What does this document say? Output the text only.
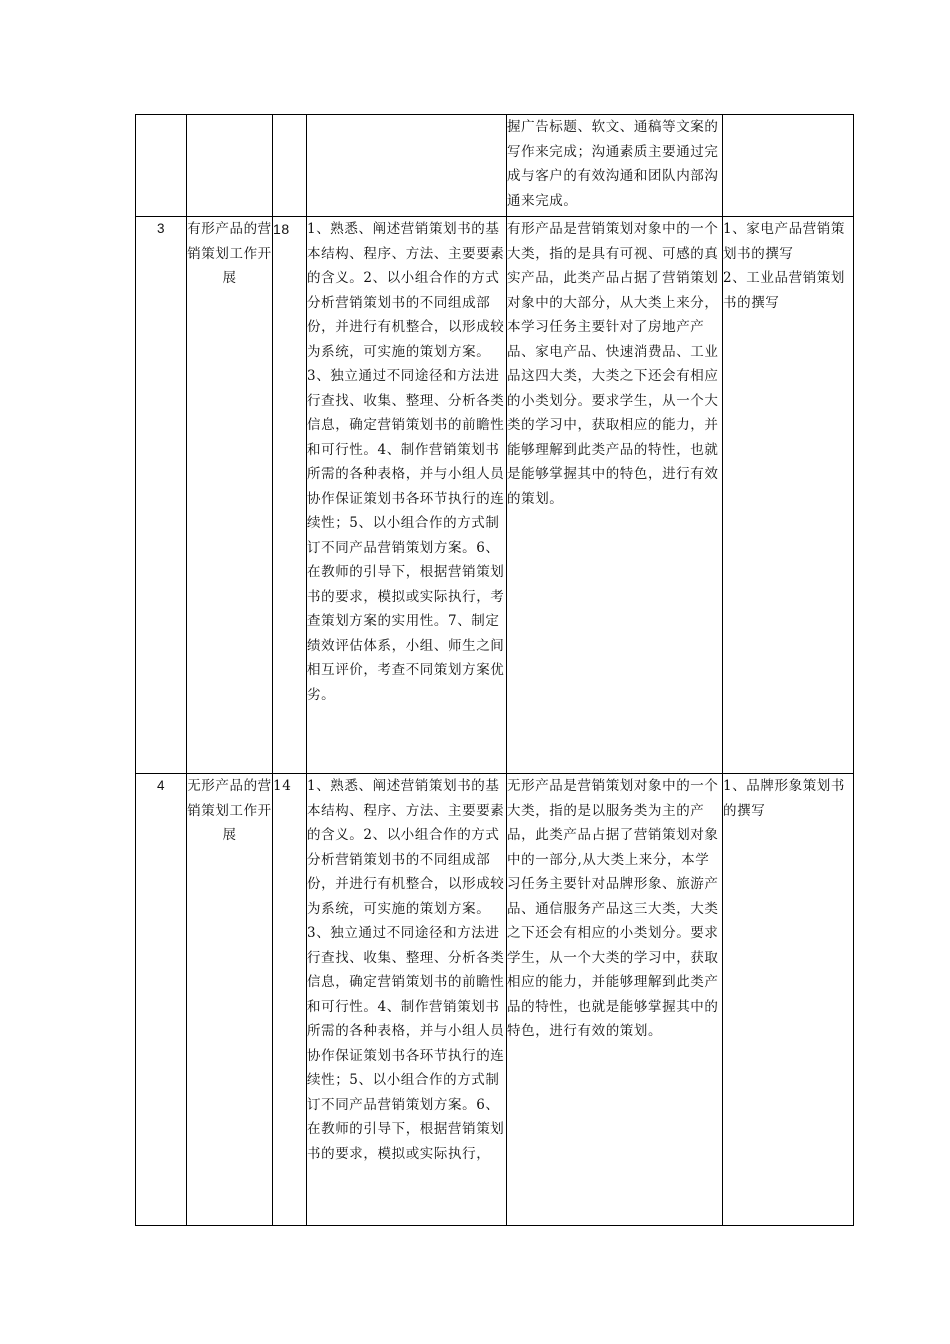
				握广告标题、软文、通稿等文案的写作来完成；沟通素质主要通过完成与客户的有效沟通和团队内部沟通来完成。	

3	有形产品的营销策划工作开展	18	1、熟悉、阐述营销策划书的基本结构、程序、方法、主要要素的含义。2、以小组合作的方式分析营销策划书的不同组成部份，并进行有机整合，以形成较为系统，可实施的策划方案。3、独立通过不同途径和方法进行查找、收集、整理、分析各类信息，确定营销策划书的前瞻性和可行性。4、制作营销策划书所需的各种表格，并与小组人员协作保证策划书各环节执行的连续性；5、以小组合作的方式制订不同产品营销策划方案。6、在教师的引导下，根据营销策划书的要求，模拟或实际执行，考查策划方案的实用性。7、制定绩效评估体系，小组、师生之间相互评价，考查不同策划方案优劣。	有形产品是营销策划对象中的一个大类，指的是具有可视、可感的真实产品，此类产品占据了营销策划对象中的大部分，从大类上来分，本学习任务主要针对了房地产产品、家电产品、快速消费品、工业品这四大类，大类之下还会有相应的小类划分。要求学生，从一个大类的学习中，获取相应的能力，并能够理解到此类产品的特性，也就是能够掌握其中的特色，进行有效的策划。	1、家电产品营销策划书的撰写
2、工业品营销策划书的撰写

4	无形产品的营销策划工作开展	14	1、熟悉、阐述营销策划书的基本结构、程序、方法、主要要素的含义。2、以小组合作的方式分析营销策划书的不同组成部份，并进行有机整合，以形成较为系统，可实施的策划方案。3、独立通过不同途径和方法进行查找、收集、整理、分析各类信息，确定营销策划书的前瞻性和可行性。4、制作营销策划书所需的各种表格，并与小组人员协作保证策划书各环节执行的连续性；5、以小组合作的方式制订不同产品营销策划方案。6、在教师的引导下，根据营销策划书的要求，模拟或实际执行，	无形产品是营销策划对象中的一个大类，指的是以服务类为主的产品，此类产品占据了营销策划对象中的一部分,从大类上来分，本学习任务主要针对品牌形象、旅游产品、通信服务产品这三大类，大类之下还会有相应的小类划分。要求学生，从一个大类的学习中，获取相应的能力，并能够理解到此类产品的特性，也就是能够掌握其中的特色，进行有效的策划。	1、品牌形象策划书的撰写
